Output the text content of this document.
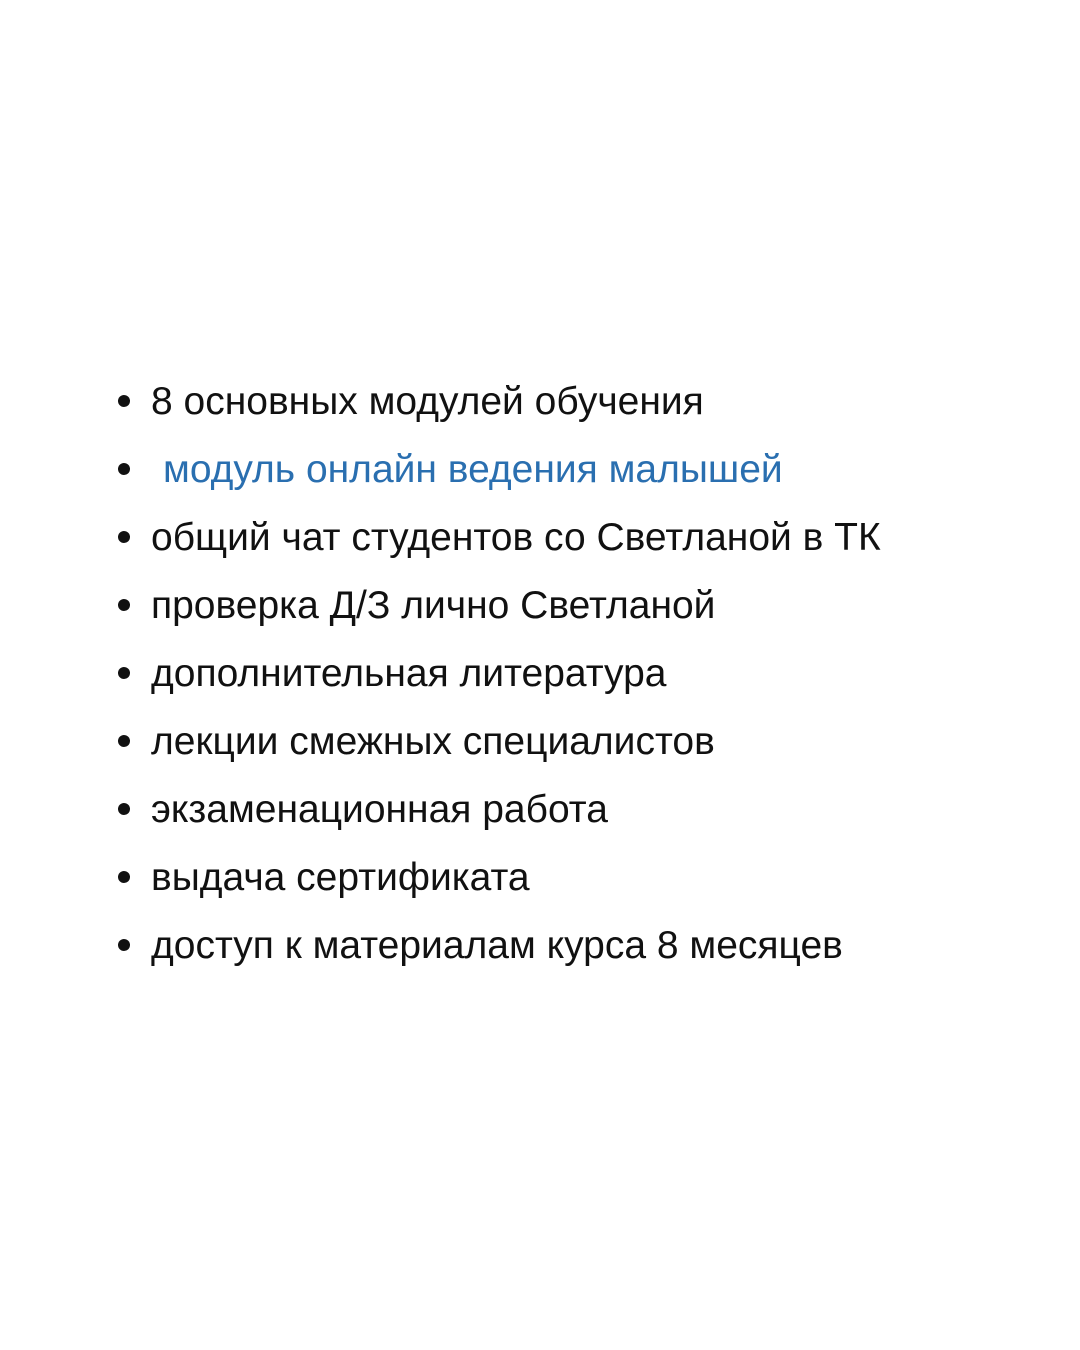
8 основных модулей обучения
модуль онлайн ведения малышей
общий чат студентов со Светланой в ТК
проверка Д/З лично Светланой
дополнительная литература
лекции смежных специалистов
экзаменационная работа
выдача сертификата
доступ к материалам курса 8 месяцев
